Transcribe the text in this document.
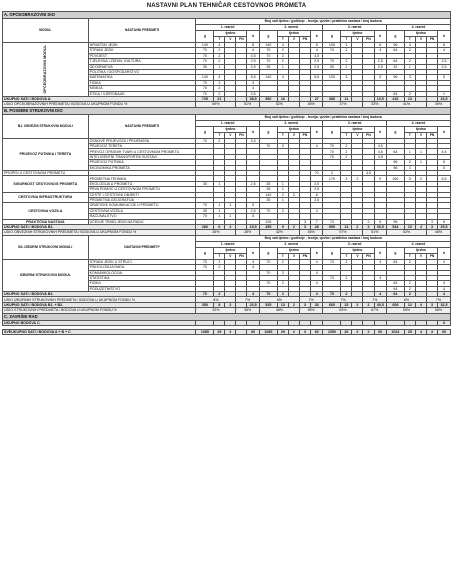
NASTAVNI PLAN TEHNIČAR CESTOVNOG PROMETA
A. OPĆEOBRAZOVNI DIO																					
MODUL	NASTAVNI PREDMETI	Broj sati tjedno / godišnje - teorija, vježbe i praktična nastava / broj bodova																			
		1. razred					2. razred					3. razred					4. razred				
		g	tjedno			b	g	tjedno			b	g	tjedno			b	g	tjedno			b
			T	V	PN			T	V	PN			T	V	PN			T	V	PN	
OPĆEOBRAZOVNI MODUL	HRVATSKI JEZIK	140	4			8	140	4			8	105	3			6	96	3			6
	STRANI JEZIK	70	2			4	70	2			4	70	2			4	64	2			4
	POVIJEST	70	2			4,5	70	2			4,5										
	TJELESNA I ZDRAV. KULTURA	70	2			2,5	70	2			2,5	70	2			2,5	64	2			2,5
	GEOGRAFIJA	35	1			2,5	35	1			2,5	35	1			2,5	32	1			2,5
	POLITIKA I GOSPODARSTVO																				
	MATEMATIKA	140	4			5,5	140	4			5,5	105	3			5	96	3			5
	FIZIKA	70	2			4															
	KEMIJA	70	2			4															
	ETIKA / VJERONAUK	70	2			3,5											64	2			1
UKUPNO SATI / BODOVA A.		735	21			38,5	560	16			27	385	11			19,5	416	13			23,5
UDIO OPĆEOBRAZOVNIH PREDMETA / BODOVA U UKUPNOM FONDU %		69%			51%		52%			45%		37%			33%		41%			39%	
B. POSEBNI STRUKOVNI DIO																					
B1. OBVEZNI STRUKOVNI MODULI	NASTAVNI PREDMETI	Broj sati tjedno / godišnje - teorija, vježbe i praktična nastava / broj bodova																			
		1. razred					2. razred					3. razred					4. razred				
		g	tjedno			b	g	tjedno			b	g	tjedno			b	g	tjedno			b
			T	V	PN			T	V	PN			T	V	PN			T	V	PN	
PRIJEVOZ PUTNIKA I TERETA	OSNOVE PRIJEVOZA I PRIJENOSA	70	2			4,5															
	PRIJEVOZ TERETA						70	2			4	70	2			4,5					
	PREVOZ OPASNIH TVARI U CESTOVNOM PROMETU											70	2			4,5	64	1	1		4,5
	INTELIGENTNI TRANSPORTNI SUSTAVI											70	2			4,5					
	PRIJEVOZ PUTNIKA																96	2	1		5
	EKONOMIKA PROMETA																96	3			5
PROPISI U CESTOVNOM PROMETU											70	2			4,5						
SIGURNOST CESTOVNOG PROMETA	PROMETNA TEHNIKA											175	3	2		9	160	3	2		6,5
	EKOLOGIJA U PROMETU	35	1			2,5	35	1			2,5										
	PRVA POMOĆ U CESTOVNOM PROMETU						35	1			2,5										
CESTOVNA INFRASTRUKTURA	CESTE I CESTOVNI OBJEKTI						140	2	2		8										
	PROMETNA GEOGRAFIJA						35	1			2,5										
CESTOVNA VOZILA	GRAFIČKE KOMUNIKACIJE U PROMETU	70	1	1		5															
	CESTOVNA VOZILA	35	1			2,5	70	2			4										
	RAČUNALSTVO	70	1	1		5															
PRAKTIČNA NASTAVA	UČENJE TEMELJENO NA RADU						105			3	7	70			2	5	96			3	6
UKUPNO SATI / BODOVA B1.		280	6	2		19,5	455	9	2	3	28	595	13	2	2	30,5	544	10	4	3	29,5
UDIO OBVEZNIH STRUKOVNIH PREDMETA / BODOVA U UKUPNOM FONDU %		26%			28%		42%			45%		57%			51%		52%			48%	
B2. IZBORNI STRUKOVNI MODULI	NASTAVNI PREDMETI*	Broj sati tjedno / godišnje - teorija, vježbe i praktična nastava / broj bodova																			
		1. razred					2. razred					3. razred					4. razred				
		g	tjedno			b	g	tjedno			b	g	tjedno			b	g	tjedno			b
			T	V	PN			T	V	PN			T	V	PN			T	V	PN	
IZBORNI STRUKOVNI MODUL	STRANI JEZIK U STRUCI	70	2			4	70	2			4	70	2			4	64	2			4
	PSIHOLOGIJA RADA	70	2			4															
	KOMUNIKOLOGIJA						70	2			4										
	STATISTIKA											70	2			4					
	FIZIKA						70	2			4						64	2			4
	PODUZETNIŠTVO																64	2			4
UKUPNO SATI / BODOVA B2.		70	2			4	70	2			4	70	2			4	64	2			4
UDIO IZBORNIH STRUKOVNIH PREDMETA / BODOVA U UKUPNOM FONDU %		6%			7%		6%			7%		7%			7%		6%			7%	
UKUPNO SATI / BODOVA B1. + B2.		350	8	2		23,5	525	13	2	3	33	665	15	2	2	40,5	608	12	4	3	32,5
UDIO STRUKOVNIH PREDMETA / BODOVA U UKUPNOM FONDU %		32%			38%		48%			55%		63%			67%		59%			58%	
C. ZAVRŠNI RAD																					
UKUPNO BODOVA C.																					6

SVEUKUPNO SATI / BODOVA A + B + C		1085	29	2		60	1085	29	2	3	60	1050	26	2	2	60	1024	25	4	3	60
